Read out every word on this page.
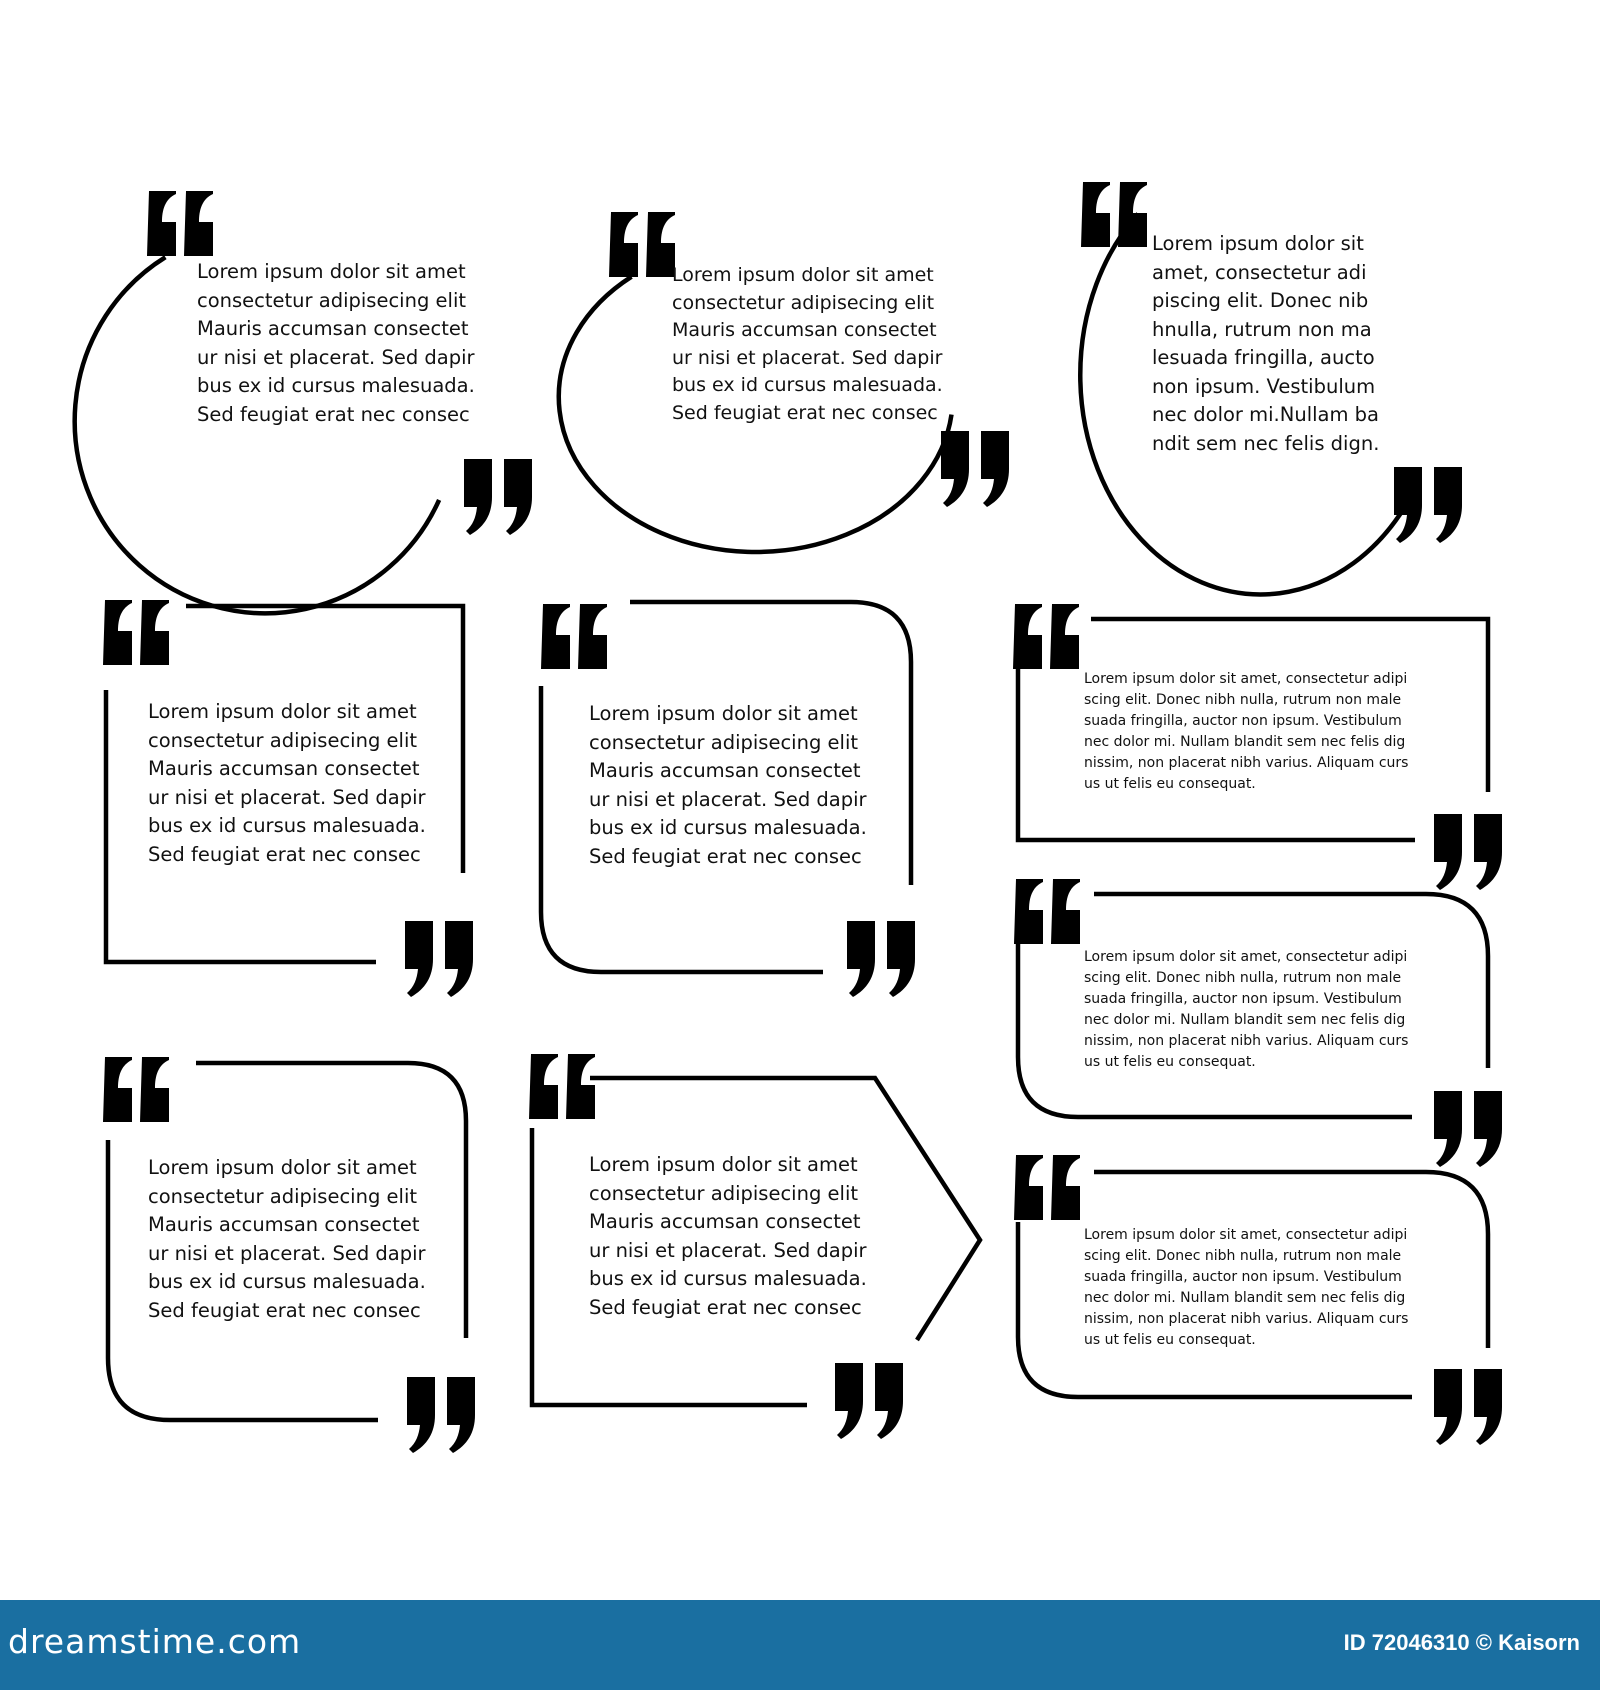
Lorem ipsum dolor sit amet
consectetur adipisecing elit
Mauris accumsan consectet
ur nisi et placerat. Sed dapir
bus ex id cursus malesuada.
Sed feugiat erat nec consec
Lorem ipsum dolor sit amet
consectetur adipisecing elit
Mauris accumsan consectet
ur nisi et placerat. Sed dapir
bus ex id cursus malesuada.
Sed feugiat erat nec consec
Lorem ipsum dolor sit
amet, consectetur adi
piscing elit. Donec nib
hnulla, rutrum non ma
lesuada fringilla, aucto
non ipsum. Vestibulum
nec dolor mi.Nullam ba
ndit sem nec felis dign.
Lorem ipsum dolor sit amet
consectetur adipisecing elit
Mauris accumsan consectet
ur nisi et placerat. Sed dapir
bus ex id cursus malesuada.
Sed feugiat erat nec consec
Lorem ipsum dolor sit amet
consectetur adipisecing elit
Mauris accumsan consectet
ur nisi et placerat. Sed dapir
bus ex id cursus malesuada.
Sed feugiat erat nec consec
Lorem ipsum dolor sit amet, consectetur adipi
scing elit. Donec nibh nulla, rutrum non male
suada fringilla, auctor non ipsum. Vestibulum
nec dolor mi. Nullam blandit sem nec felis dig
nissim, non placerat nibh varius. Aliquam curs
us ut felis eu consequat.
Lorem ipsum dolor sit amet
consectetur adipisecing elit
Mauris accumsan consectet
ur nisi et placerat. Sed dapir
bus ex id cursus malesuada.
Sed feugiat erat nec consec
Lorem ipsum dolor sit amet
consectetur adipisecing elit
Mauris accumsan consectet
ur nisi et placerat. Sed dapir
bus ex id cursus malesuada.
Sed feugiat erat nec consec
Lorem ipsum dolor sit amet, consectetur adipi
scing elit. Donec nibh nulla, rutrum non male
suada fringilla, auctor non ipsum. Vestibulum
nec dolor mi. Nullam blandit sem nec felis dig
nissim, non placerat nibh varius. Aliquam curs
us ut felis eu consequat.
Lorem ipsum dolor sit amet, consectetur adipi
scing elit. Donec nibh nulla, rutrum non male
suada fringilla, auctor non ipsum. Vestibulum
nec dolor mi. Nullam blandit sem nec felis dig
nissim, non placerat nibh varius. Aliquam curs
us ut felis eu consequat.
dreamstime.com	ID 72046310 © Kaisorn
